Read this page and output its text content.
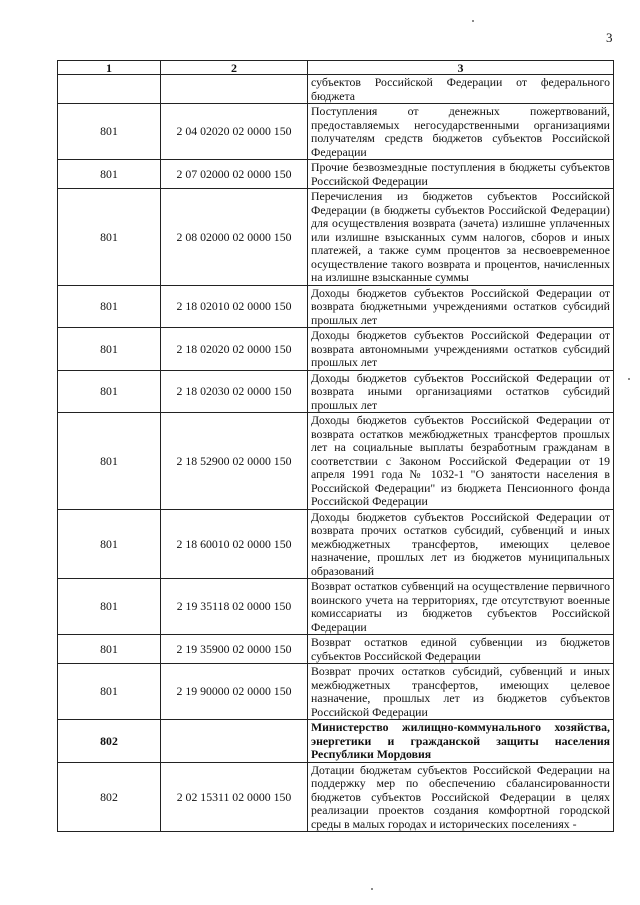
3
1	2	3
		субъектов Российской Федерации от федерального бюджета
801	2 04 02020 02 0000 150	Поступления от денежных пожертвований, предоставляемых негосударственными организациями получателям средств бюджетов субъектов Российской Федерации
801	2 07 02000 02 0000 150	Прочие безвозмездные поступления в бюджеты субъектов Российской Федерации
801	2 08 02000 02 0000 150	Перечисления из бюджетов субъектов Российской Федерации (в бюджеты субъектов Российской Федерации) для осуществления возврата (зачета) излишне уплаченных или излишне взысканных сумм налогов, сборов и иных платежей, а также сумм процентов за несвоевременное осуществление такого возврата и процентов, начисленных на излишне взысканные суммы
801	2 18 02010 02 0000 150	Доходы бюджетов субъектов Российской Федерации от возврата бюджетными учреждениями остатков субсидий прошлых лет
801	2 18 02020 02 0000 150	Доходы бюджетов субъектов Российской Федерации от возврата автономными учреждениями остатков субсидий прошлых лет
801	2 18 02030 02 0000 150	Доходы бюджетов субъектов Российской Федерации от возврата иными организациями остатков субсидий прошлых лет
801	2 18 52900 02 0000 150	Доходы бюджетов субъектов Российской Федерации от возврата остатков межбюджетных трансфертов прошлых лет на социальные выплаты безработным гражданам в соответствии с Законом Российской Федерации от 19 апреля 1991 года № 1032-1 "О занятости населения в Российской Федерации" из бюджета Пенсионного фонда Российской Федерации
801	2 18 60010 02 0000 150	Доходы бюджетов субъектов Российской Федерации от возврата прочих остатков субсидий, субвенций и иных межбюджетных трансфертов, имеющих целевое назначение, прошлых лет из бюджетов муниципальных образований
801	2 19 35118 02 0000 150	Возврат остатков субвенций на осуществление первичного воинского учета на территориях, где отсутствуют военные комиссариаты из бюджетов субъектов Российской Федерации
801	2 19 35900 02 0000 150	Возврат остатков единой субвенции из бюджетов субъектов Российской Федерации
801	2 19 90000 02 0000 150	Возврат прочих остатков субсидий, субвенций и иных межбюджетных трансфертов, имеющих целевое назначение, прошлых лет из бюджетов субъектов Российской Федерации
802		Министерство жилищно-коммунального хозяйства, энергетики и гражданской защиты населения Республики Мордовия
802	2 02 15311 02 0000 150	Дотации бюджетам субъектов Российской Федерации на поддержку мер по обеспечению сбалансированности бюджетов субъектов Российской Федерации в целях реализации проектов создания комфортной городской среды в малых городах и исторических поселениях -
